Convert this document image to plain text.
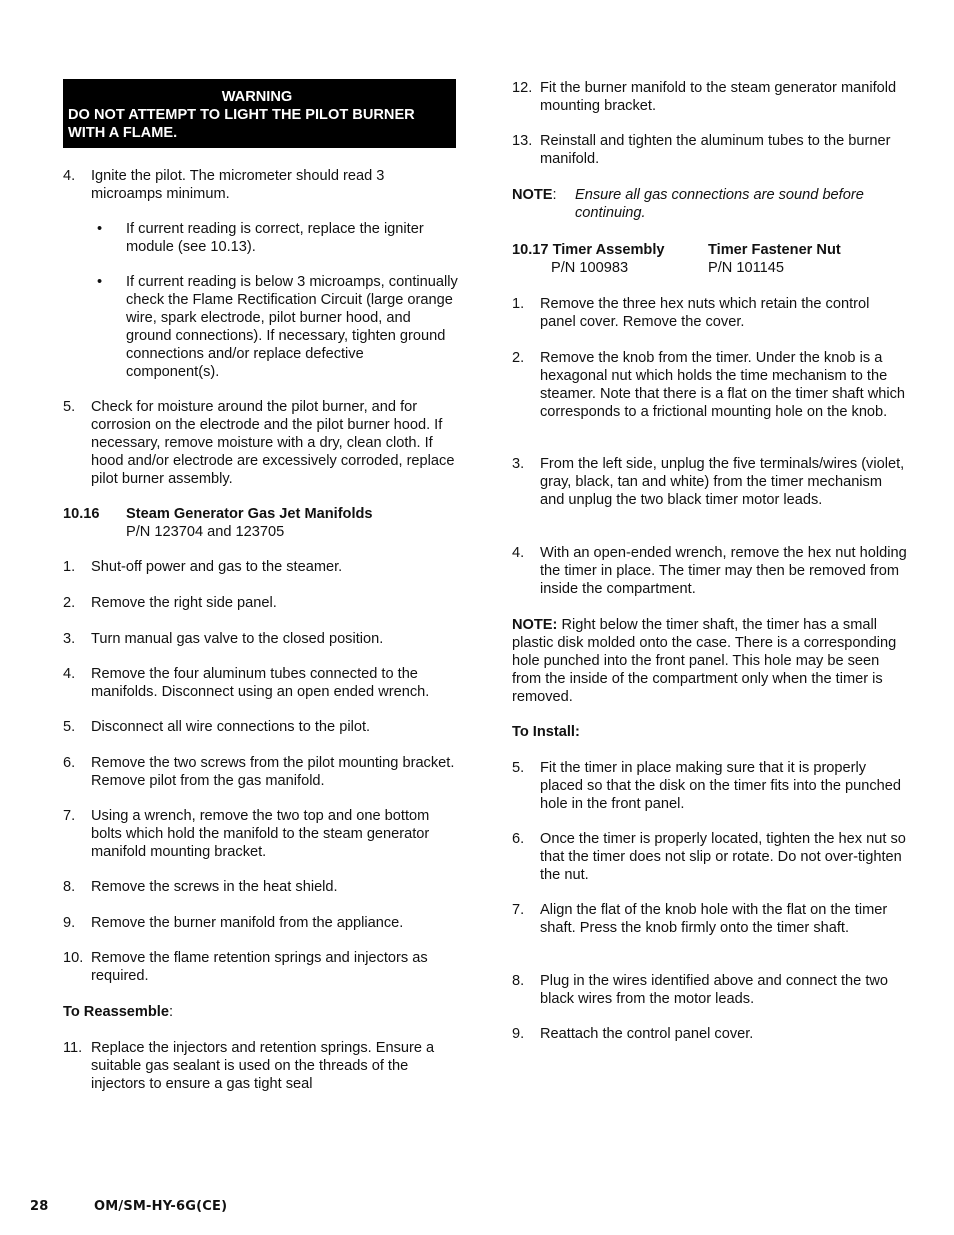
WARNING
DO NOT ATTEMPT TO LIGHT THE PILOT BURNER
WITH A FLAME.
4. Ignite the pilot. The micrometer should read 3 microamps minimum.
• If current reading is correct, replace the igniter module (see 10.13).
• If current reading is below 3 microamps, continually check the Flame Rectification Circuit (large orange wire, spark electrode, pilot burner hood, and ground connections). If necessary, tighten ground connections and/or replace defective component(s).
5. Check for moisture around the pilot burner, and for corrosion on the electrode and the pilot burner hood. If necessary, remove moisture with a dry, clean cloth. If hood and/or electrode are excessively corroded, replace pilot burner assembly.
10.16 Steam Generator Gas Jet Manifolds
P/N 123704 and 123705
1. Shut-off power and gas to the steamer.
2. Remove the right side panel.
3. Turn manual gas valve to the closed position.
4. Remove the four aluminum tubes connected to the manifolds. Disconnect using an open ended wrench.
5. Disconnect all wire connections to the pilot.
6. Remove the two screws from the pilot mounting bracket. Remove pilot from the gas manifold.
7. Using a wrench, remove the two top and one bottom bolts which hold the manifold to the steam generator manifold mounting bracket.
8. Remove the screws in the heat shield.
9. Remove the burner manifold from the appliance.
10. Remove the flame retention springs and injectors as required.
To Reassemble:
11. Replace the injectors and retention springs. Ensure a suitable gas sealant is used on the threads of the injectors to ensure a gas tight seal
12. Fit the burner manifold to the steam generator manifold mounting bracket.
13. Reinstall and tighten the aluminum tubes to the burner manifold.
NOTE: Ensure all gas connections are sound before continuing.
10.17 Timer Assembly
P/N 100983
Timer Fastener Nut
P/N 101145
1. Remove the three hex nuts which retain the control panel cover. Remove the cover.
2. Remove the knob from the timer. Under the knob is a hexagonal nut which holds the time mechanism to the steamer. Note that there is a flat on the timer shaft which corresponds to a frictional mounting hole on the knob.
3. From the left side, unplug the five terminals/wires (violet, gray, black, tan and white) from the timer mechanism and unplug the two black timer motor leads.
4. With an open-ended wrench, remove the hex nut holding the timer in place. The timer may then be removed from inside the compartment.
NOTE: Right below the timer shaft, the timer has a small plastic disk molded onto the case. There is a corresponding hole punched into the front panel. This hole may be seen from the inside of the compartment only when the timer is removed.
To Install:
5. Fit the timer in place making sure that it is properly placed so that the disk on the timer fits into the punched hole in the front panel.
6. Once the timer is properly located, tighten the hex nut so that the timer does not slip or rotate. Do not over-tighten the nut.
7. Align the flat of the knob hole with the flat on the timer shaft. Press the knob firmly onto the timer shaft.
8. Plug in the wires identified above and connect the two black wires from the motor leads.
9. Reattach the control panel cover.
28	OM/SM-HY-6G(CE)
